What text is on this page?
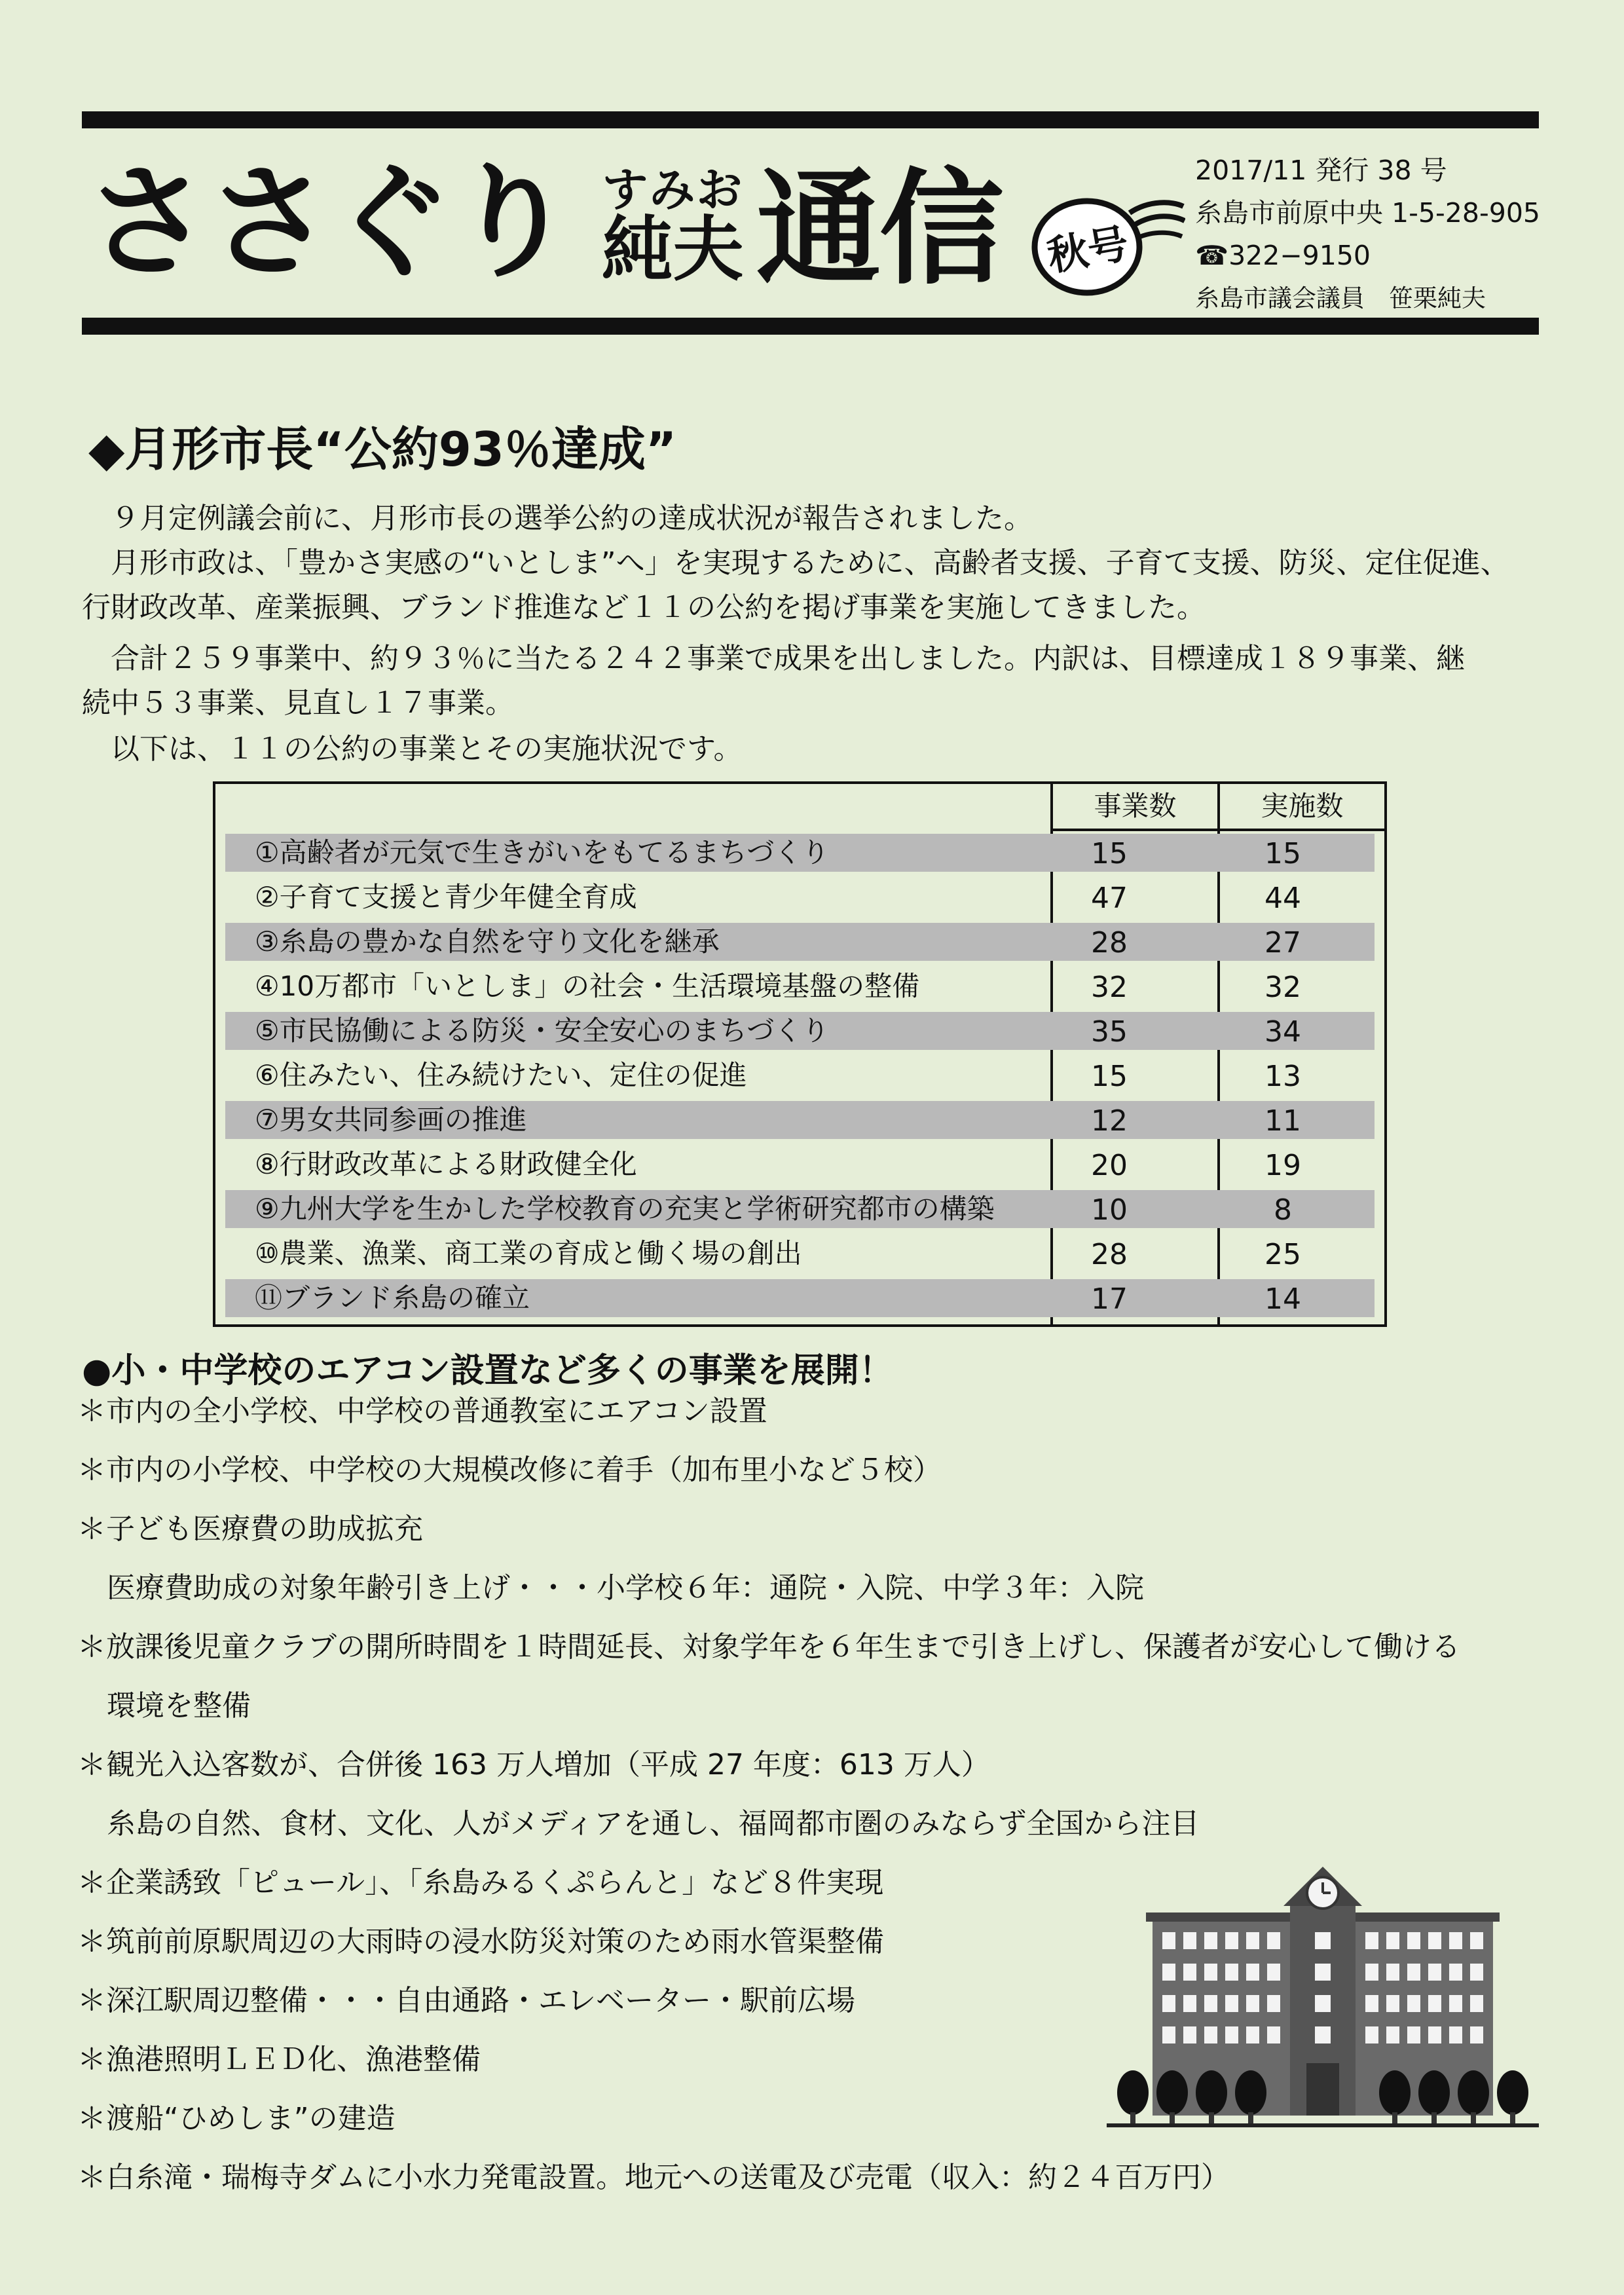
ささぐり すみお
純夫 通信 秋号
2017/11 発行 38 号
糸島市前原中央 1-5-28-905
☎322−9150
糸島市議会議員　笹栗純夫
◆月形市長“公約93％達成”
　９月定例議会前に、月形市長の選挙公約の達成状況が報告されました。
　月形市政は、「豊かさ実感の“いとしま”へ」を実現するために、高齢者支援、子育て支援、防災、定住促進、
行財政改革、産業振興、ブランド推進など１１の公約を掲げ事業を実施してきました。
　合計２５９事業中、約９３％に当たる２４２事業で成果を出しました。内訳は、目標達成１８９事業、継
続中５３事業、見直し１７事業。
　以下は、１１の公約の事業とその実施状況です。
事業数	実施数
①高齢者が元気で生きがいをもてるまちづくり	15	15
②子育て支援と青少年健全育成	47	44
③糸島の豊かな自然を守り文化を継承	28	27
④10万都市「いとしま」の社会・生活環境基盤の整備	32	32
⑤市民協働による防災・安全安心のまちづくり	35	34
⑥住みたい、住み続けたい、定住の促進	15	13
⑦男女共同参画の推進	12	11
⑧行財政改革による財政健全化	20	19
⑨九州大学を生かした学校教育の充実と学術研究都市の構築	10	8
⑩農業、漁業、商工業の育成と働く場の創出	28	25
⑪ブランド糸島の確立	17	14
●小・中学校のエアコン設置など多くの事業を展開！
＊市内の全小学校、中学校の普通教室にエアコン設置
＊市内の小学校、中学校の大規模改修に着手（加布里小など５校）
＊子ども医療費の助成拡充
医療費助成の対象年齢引き上げ・・・小学校６年：通院・入院、中学３年：入院
＊放課後児童クラブの開所時間を１時間延長、対象学年を６年生まで引き上げし、保護者が安心して働ける
環境を整備
＊観光入込客数が、合併後 163 万人増加（平成 27 年度：613 万人）
糸島の自然、食材、文化、人がメディアを通し、福岡都市圏のみならず全国から注目
＊企業誘致「ピュール」、「糸島みるくぷらんと」など８件実現
＊筑前前原駅周辺の大雨時の浸水防災対策のため雨水管渠整備
＊深江駅周辺整備・・・自由通路・エレベーター・駅前広場
＊漁港照明ＬＥＤ化、漁港整備
＊渡船“ひめしま”の建造
＊白糸滝・瑞梅寺ダムに小水力発電設置。地元への送電及び売電（収入：約２４百万円）
